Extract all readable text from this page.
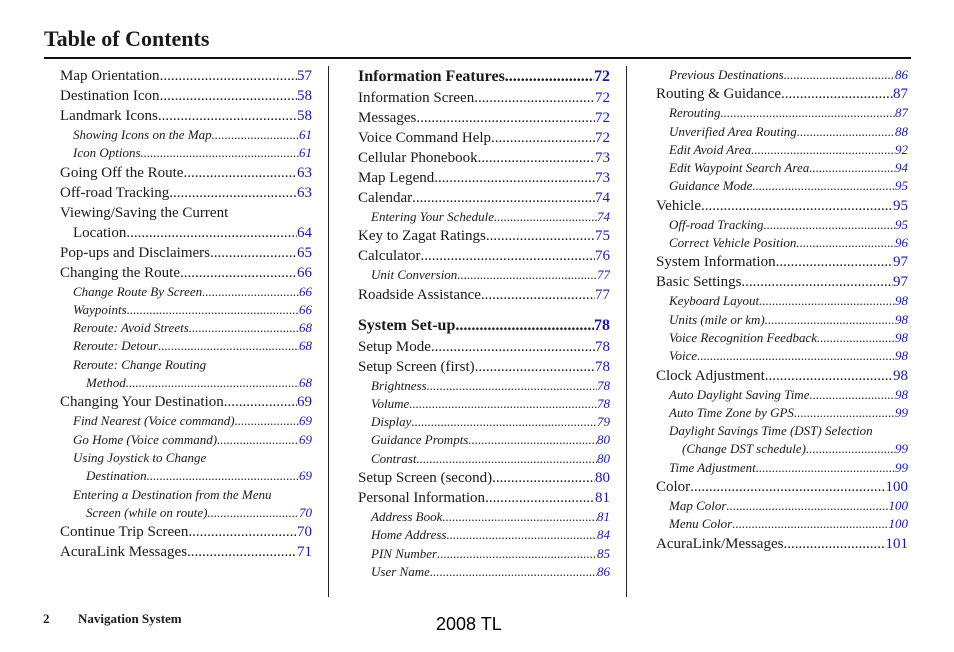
Table of Contents
Map Orientation .....	57
Destination Icon .....	58
Landmark Icons .....	58
Showing Icons on the Map .....	61
Icon Options .....	61
Going Off the Route .....	63
Off-road Tracking .....	63
Viewing/Saving the Current
Location .....	64
Pop-ups and Disclaimers .....	65
Changing the Route .....	66
Change Route By Screen .....	66
Waypoints .....	66
Reroute: Avoid Streets .....	68
Reroute: Detour .....	68
Reroute: Change Routing
Method .....	68
Changing Your Destination .....	69
Find Nearest (Voice command) .....	69
Go Home (Voice command) .....	69
Using Joystick to Change
Destination .....	69
Entering a Destination from the Menu
Screen (while on route) .....	70
Continue Trip Screen .....	70
AcuraLink Messages .....	71
Information Features .....	72
Information Screen .....	72
Messages .....	72
Voice Command Help .....	72
Cellular Phonebook .....	73
Map Legend .....	73
Calendar .....	74
Entering Your Schedule .....	74
Key to Zagat Ratings .....	75
Calculator .....	76
Unit Conversion .....	77
Roadside Assistance .....	77
System Set-up .....	78
Setup Mode .....	78
Setup Screen (first) .....	78
Brightness .....	78
Volume .....	78
Display .....	79
Guidance Prompts .....	80
Contrast .....	80
Setup Screen (second) .....	80
Personal Information .....	81
Address Book .....	81
Home Address .....	84
PIN Number .....	85
User Name .....	86
Previous Destinations .....	86
Routing & Guidance .....	87
Rerouting .....	87
Unverified Area Routing .....	88
Edit Avoid Area .....	92
Edit Waypoint Search Area .....	94
Guidance Mode .....	95
Vehicle .....	95
Off-road Tracking .....	95
Correct Vehicle Position .....	96
System Information .....	97
Basic Settings .....	97
Keyboard Layout .....	98
Units (mile or km) .....	98
Voice Recognition Feedback .....	98
Voice .....	98
Clock Adjustment .....	98
Auto Daylight Saving Time .....	98
Auto Time Zone by GPS .....	99
Daylight Savings Time (DST) Selection
(Change DST schedule) .....	99
Time Adjustment .....	99
Color .....	100
Map Color .....	100
Menu Color .....	100
AcuraLink/Messages .....	101
2 Navigation System	2008 TL
